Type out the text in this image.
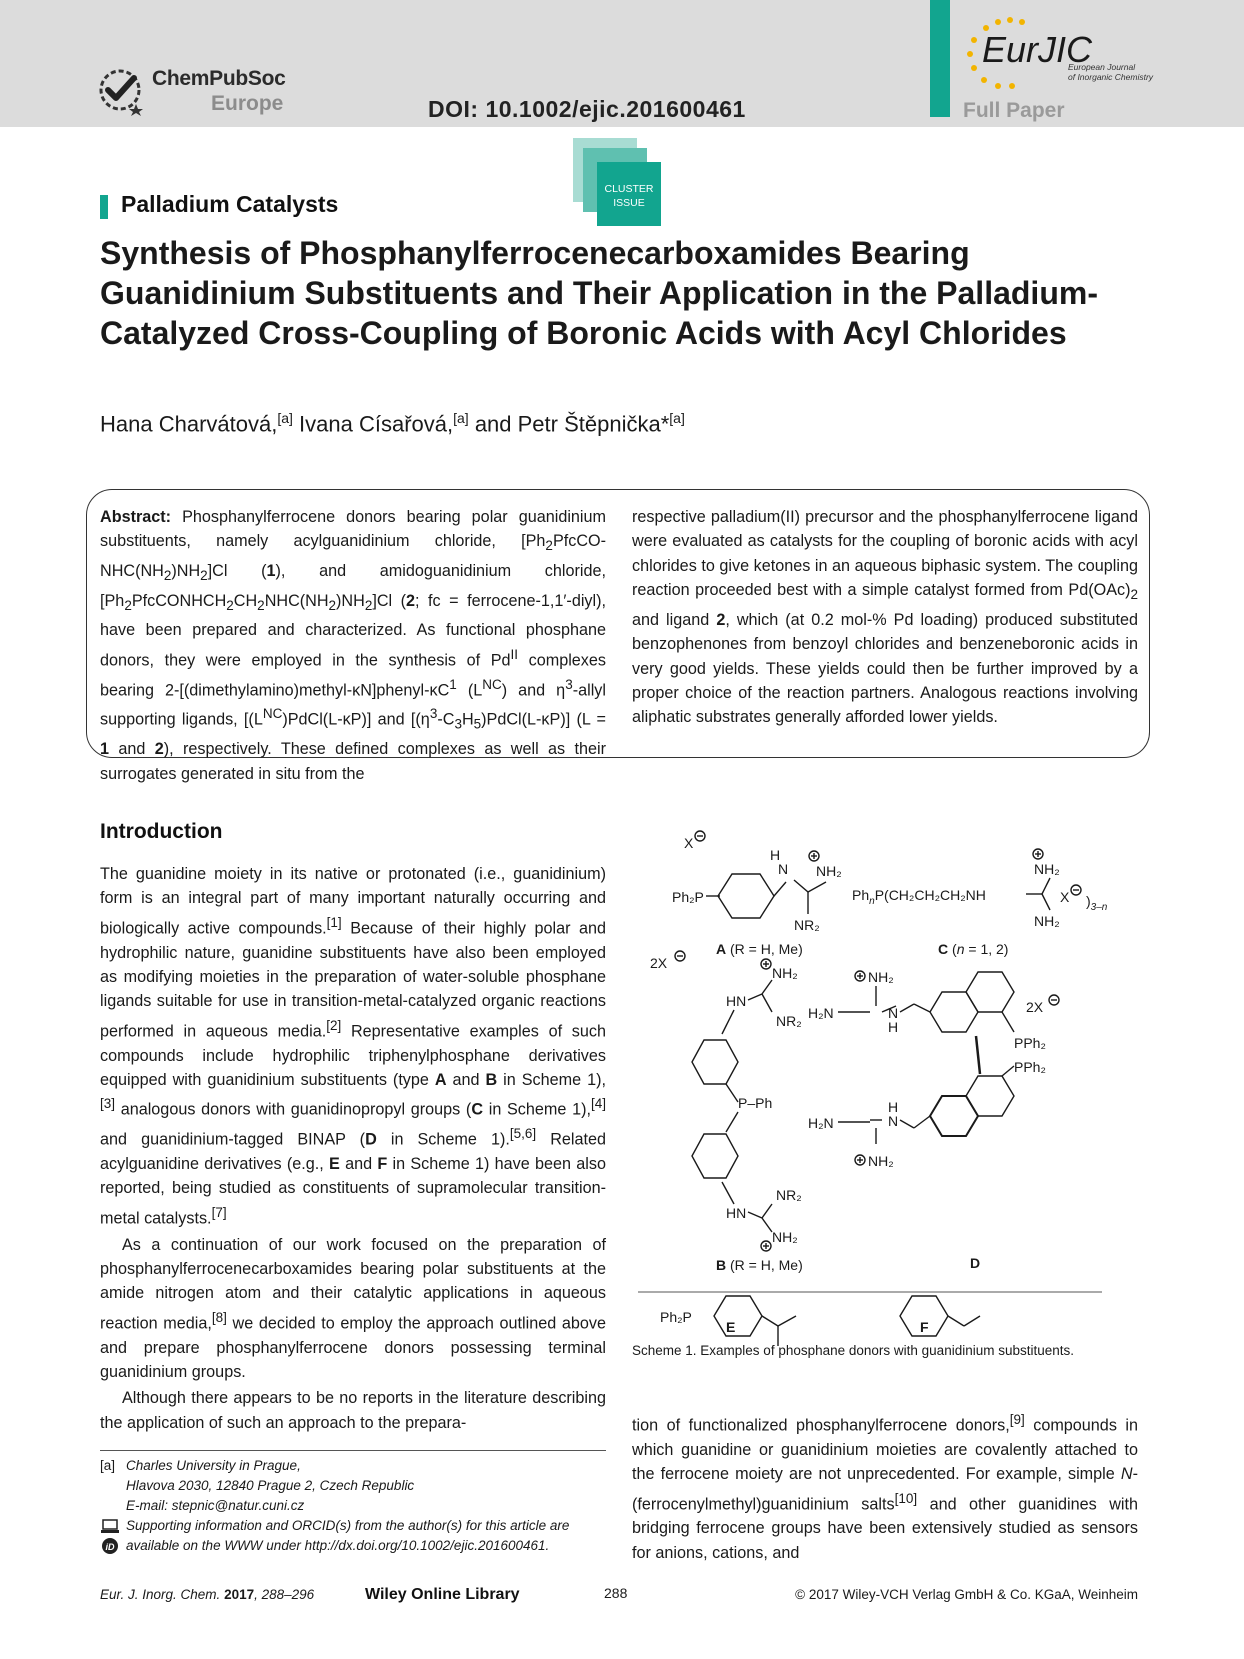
ChemPubSoc
Europe	DOI: 10.1002/ejic.201600461
EurJIC
European Journal
of Inorganic Chemistry
Full Paper
CLUSTER
ISSUE
Palladium Catalysts
Synthesis of Phosphanylferrocenecarboxamides Bearing Guanidinium Substituents and Their Application in the Palladium-Catalyzed Cross-Coupling of Boronic Acids with Acyl Chlorides
Hana Charvátová,[a] Ivana Císařová,[a] and Petr Štěpnička*[a]

Abstract: Phosphanylferrocene donors bearing polar guanidinium substituents, namely acylguanidinium chloride, $[Ph_2PfcCO-NHC(NH_2)NH_2]Cl$ (1), and amidoguanidinium chloride, $[Ph_2PfcCONHCH_2CH_2NHC(NH_2)NH_2]Cl$ (2; fc = ferrocene-1,1′-diyl), have been prepared and characterized. As functional phosphane donors, they were employed in the synthesis of $Pd^{II}$ complexes bearing $2-[(dimethylamino)methyl-\kappa N]phenyl-\kappa C^1$ $(L^{NC})$ and $\eta^3$-allyl supporting ligands, $[(L^{NC})PdCl(L-\kappa P)]$ and $[(\eta^3-C_3H_5)PdCl(L-\kappa P)] (L = 1$ and 2), respectively. These defined complexes as well as their surrogates generated in situ from the

respective palladium(II) precursor and the phosphanylferrocene ligand were evaluated as catalysts for the coupling of boronic acids with acyl chlorides to give ketones in an aqueous biphasic system. The coupling reaction proceeded best with a simple catalyst formed from $Pd(OAc)_2$ and ligand 2, which (at 0.2 mol-% Pd loading) produced substituted benzophenones from benzoyl chlorides and benzeneboronic acids in very good yields. These yields could then be further improved by a proper choice of the reaction partners. Analogous reactions involving aliphatic substrates generally afforded lower yields.

Introduction

The guanidine moiety in its native or protonated (i.e., guanidinium) form is an integral part of many important naturally occurring and biologically active compounds.[1] Because of their highly polar and hydrophilic nature, guanidine substituents have also been employed as modifying moieties in the preparation of water-soluble phosphane ligands suitable for use in transition-metal-catalyzed organic reactions performed in aqueous media.[2] Representative examples of such compounds include hydrophilic triphenylphosphane derivatives equipped with guanidinium substituents (type A and B in Scheme 1),[3] analogous donors with guanidinopropyl groups (C in Scheme 1),[4] and guanidinium-tagged BINAP (D in Scheme 1).[5,6] Related acylguanidine derivatives (e.g., E and F in Scheme 1) have been also reported, being studied as constituents of supramolecular transition-metal catalysts.[7]

As a continuation of our work focused on the preparation of phosphanylferrocenecarboxamides bearing polar substituents at the amide nitrogen atom and their catalytic applications in aqueous reaction media,[8] we decided to employ the approach outlined above and prepare phosphanylferrocene donors possessing terminal guanidinium groups.

Although there appears to be no reports in the literature describing the application of such an approach to the prepara-

X
Ph₂P
N
H
NH₂
NR₂
A (R = H, Me)
$Ph_nP(CH_2CH_2CH_2NH$
NH₂
NH₂
X )$_{3-n}$
C (n = 1, 2)
2X
HN
NH₂
NR₂
P–Ph
HN
NR₂
NH₂
B (R = H, Me)
NH₂
H₂N	N
H
PPh₂
2X
PPh₂
N
H
H₂N
NH₂
D
Ph₂P
E	F
Scheme 1. Examples of phosphane donors with guanidinium substituents.

tion of functionalized phosphanylferrocene donors,[9] compounds in which guanidine or guanidinium moieties are covalently attached to the ferrocene moiety are not unprecedented. For example, simple N-(ferrocenylmethyl)guanidinium salts[10] and other guanidines with bridging ferrocene groups have been extensively studied as sensors for anions, cations, and

[a] Charles University in Prague,
Hlavova 2030, 12840 Prague 2, Czech Republic
E-mail: stepnic@natur.cuni.cz
iD
Supporting information and ORCID(s) from the author(s) for this article are
available on the WWW under http://dx.doi.org/10.1002/ejic.201600461.
Eur. J. Inorg. Chem. 2017, 288–296	Wiley Online Library	288	© 2017 Wiley-VCH Verlag GmbH & Co. KGaA, Weinheim
